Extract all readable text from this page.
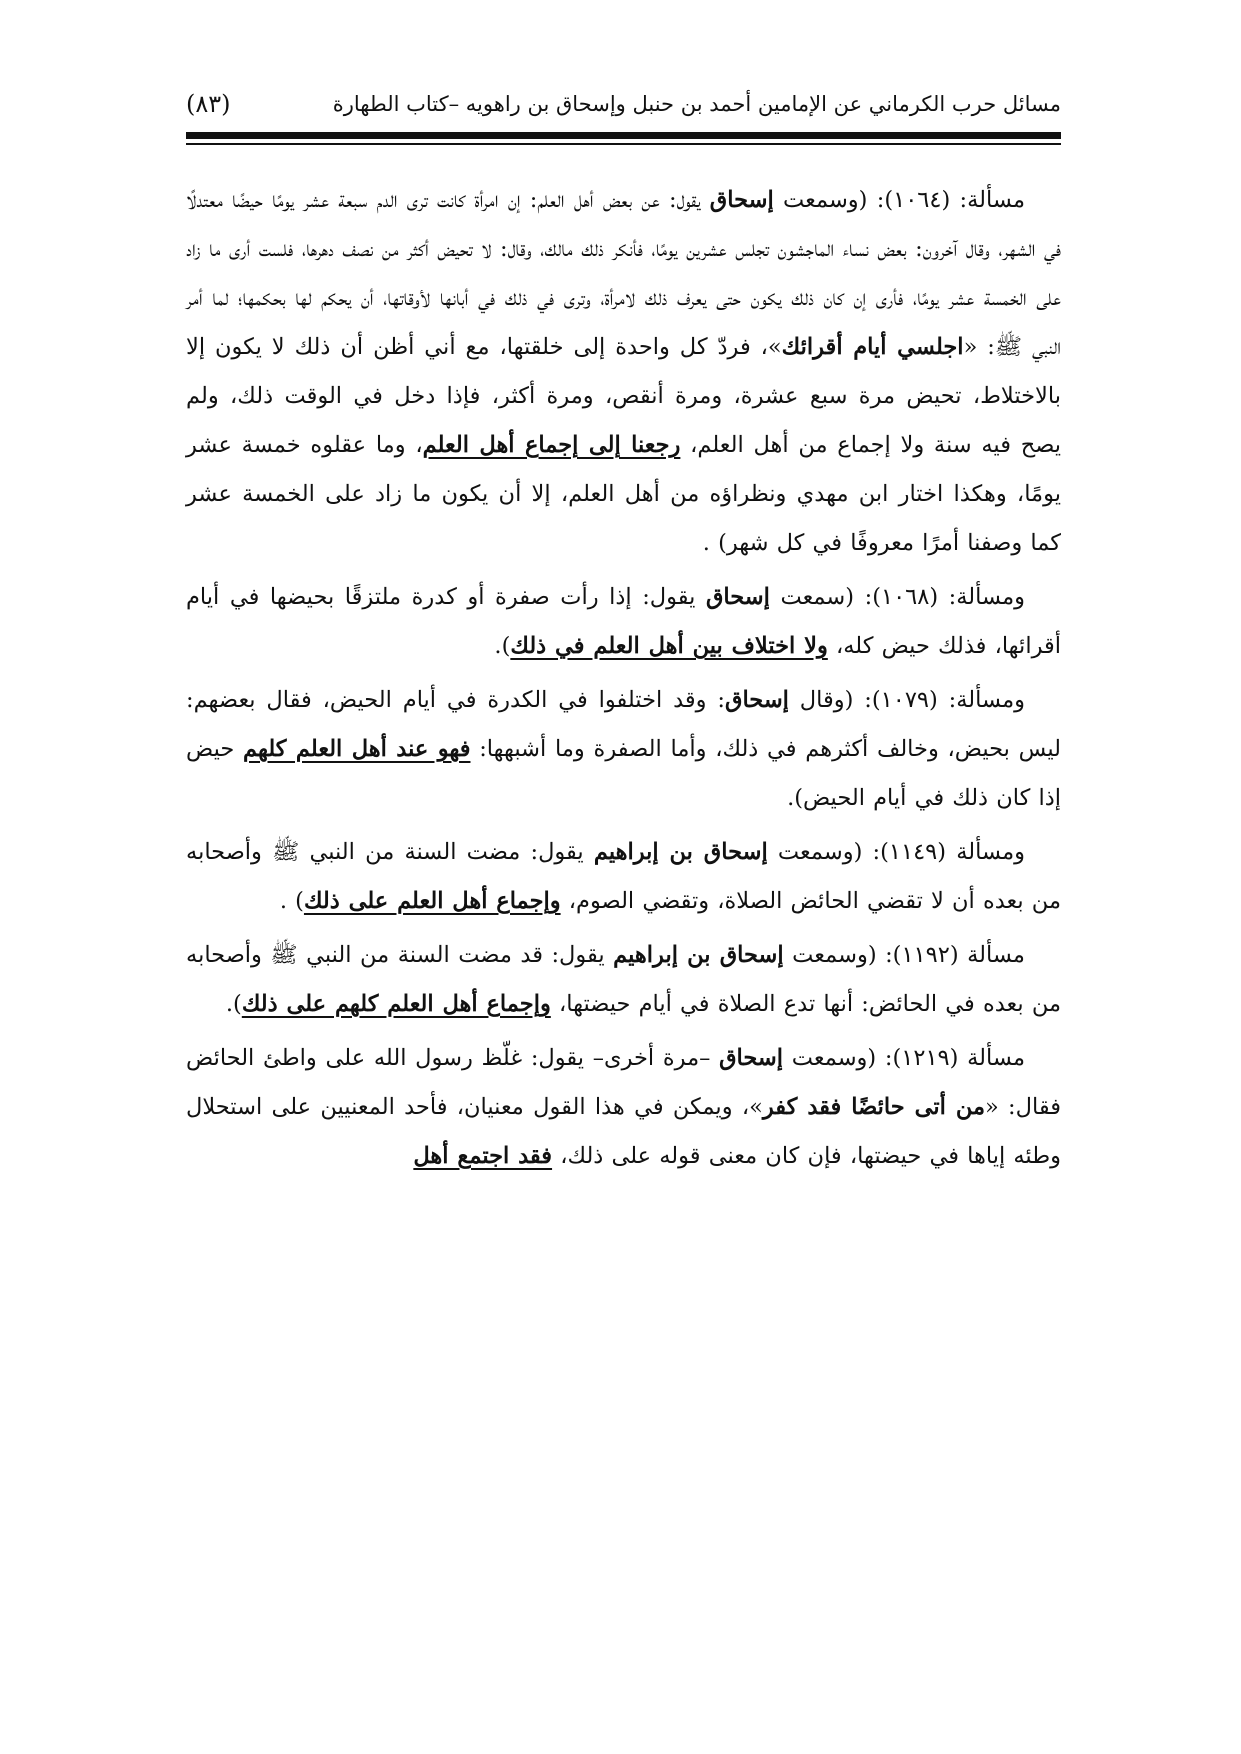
مسائل حرب الكرماني عن الإمامين أحمد بن حنبل وإسحاق بن راهويه –كتاب الطهارة
(٨٣)

مسألة: (١٠٦٤): (وسمعت إسحاق يقول: عن بعض أهل العلم: إن امرأة كانت ترى الدم سبعة عشر يومًا حيضًا معتدلًا في الشهر، وقال آخرون: بعض نساء الماجشون تجلس عشرين يومًا، فأنكر ذلك مالك، وقال: لا تحيض أكثر من نصف دهرها، فلست أرى ما زاد على الخمسة عشر يومًا، فأرى إن كان ذلك يكون حتى يعرف ذلك لامرأة، وترى في ذلك في أبانها لأوقاتها، أن يحكم لها بحكمها؛ لما أمر النبي ﷺ: «اجلسي أيام أقرائك»، فردّ كل واحدة إلى خلقتها، مع أني أظن أن ذلك لا يكون إلا بالاختلاط، تحيض مرة سبع عشرة، ومرة أنقص، ومرة أكثر، فإذا دخل في الوقت ذلك، ولم يصح فيه سنة ولا إجماع من أهل العلم، رجعنا إلى إجماع أهل العلم، وما عقلوه خمسة عشر يومًا، وهكذا اختار ابن مهدي ونظراؤه من أهل العلم، إلا أن يكون ما زاد على الخمسة عشر كما وصفنا أمرًا معروفًا في كل شهر) .

ومسألة: (١٠٦٨): (سمعت إسحاق يقول: إذا رأت صفرة أو كدرة ملتزقًا بحيضها في أيام أقرائها، فذلك حيض كله، ولا اختلاف بين أهل العلم في ذلك).

ومسألة: (١٠٧٩): (وقال إسحاق: وقد اختلفوا في الكدرة في أيام الحيض، فقال بعضهم: ليس بحيض، وخالف أكثرهم في ذلك، وأما الصفرة وما أشبهها: فهو عند أهل العلم كلهم حيض إذا كان ذلك في أيام الحيض).

ومسألة (١١٤٩): (وسمعت إسحاق بن إبراهيم يقول: مضت السنة من النبي ﷺ وأصحابه من بعده أن لا تقضي الحائض الصلاة، وتقضي الصوم، وإجماع أهل العلم على ذلك) .

مسألة (١١٩٢): (وسمعت إسحاق بن إبراهيم يقول: قد مضت السنة من النبي ﷺ وأصحابه من بعده في الحائض: أنها تدع الصلاة في أيام حيضتها، وإجماع أهل العلم كلهم على ذلك).

مسألة (١٢١٩): (وسمعت إسحاق –مرة أخرى– يقول: غلّظ رسول الله على واطئ الحائض فقال: «من أتى حائضًا فقد كفر»، ويمكن في هذا القول معنيان، فأحد المعنيين على استحلال وطئه إياها في حيضتها، فإن كان معنى قوله على ذلك، فقد اجتمع أهل
